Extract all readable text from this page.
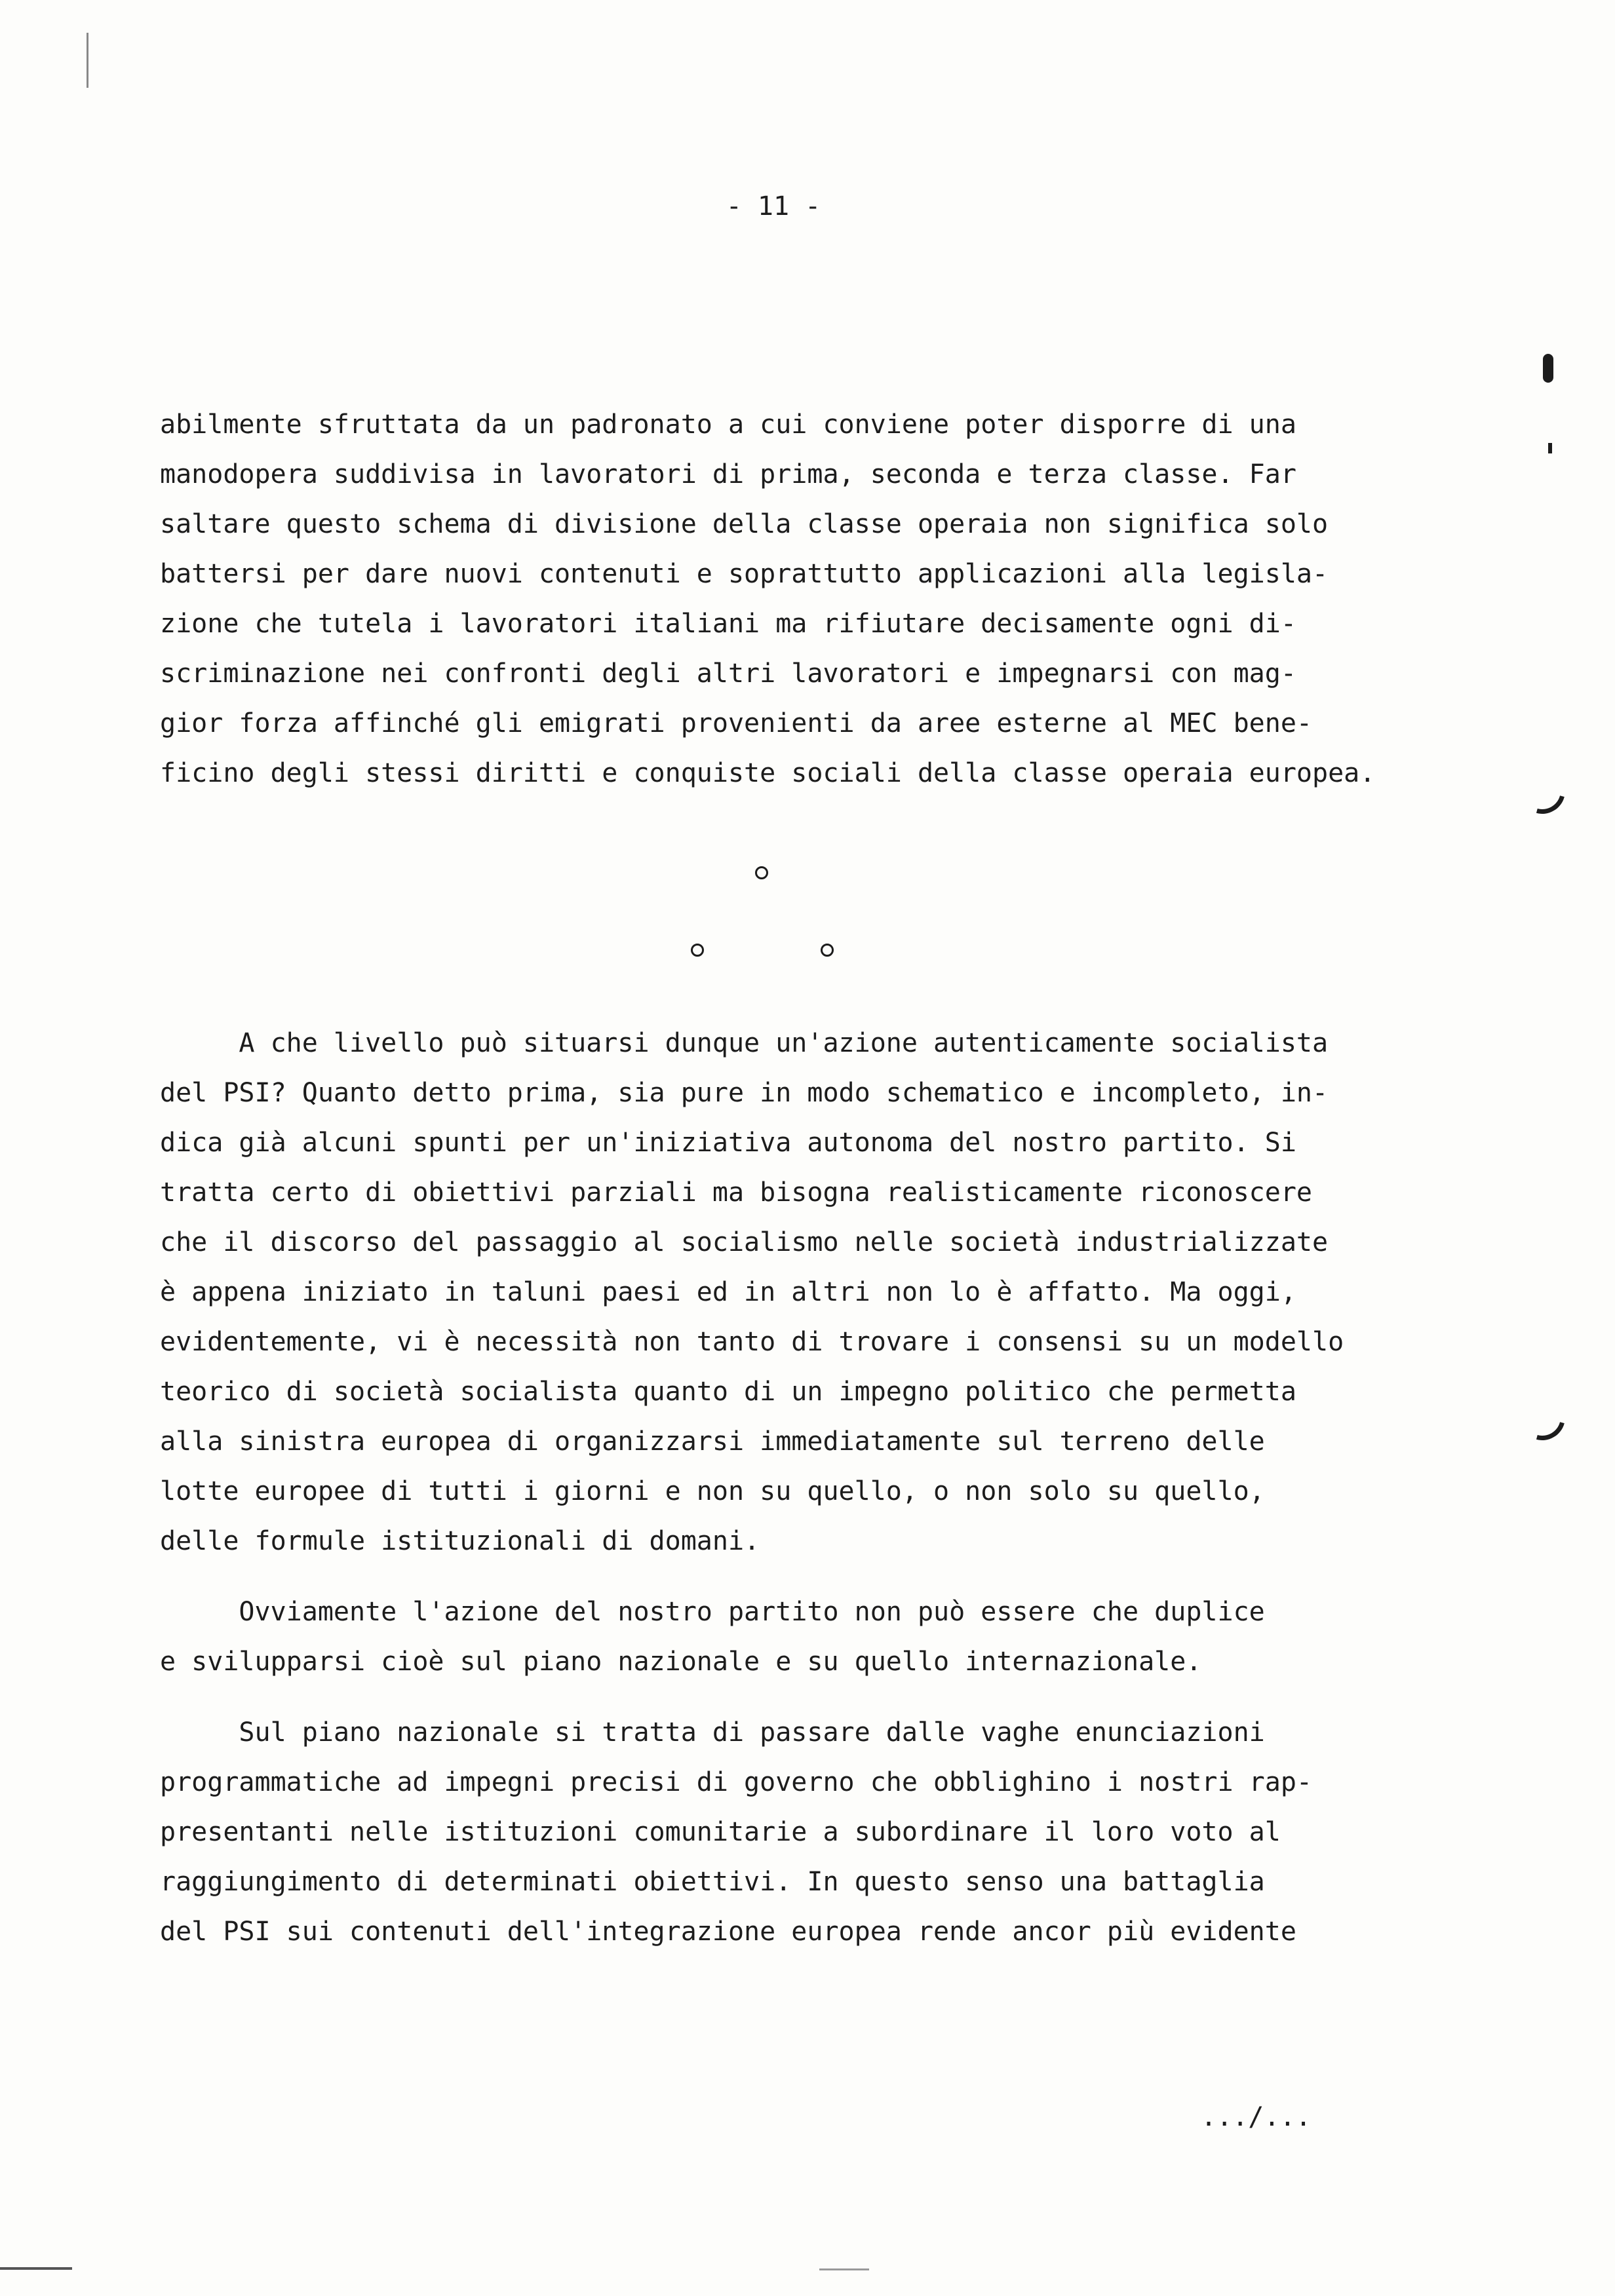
- 11 -
abilmente sfruttata da un padronato a cui conviene poter disporre di una
manodopera suddivisa in lavoratori di prima, seconda e terza classe. Far
saltare questo schema di divisione della classe operaia non significa solo
battersi per dare nuovi contenuti e soprattutto applicazioni alla legisla-
zione che tutela i lavoratori italiani ma rifiutare decisamente ogni di-
scriminazione nei confronti degli altri lavoratori e impegnarsi con mag-
gior forza affinché gli emigrati provenienti da aree esterne al MEC bene-
ficino degli stessi diritti e conquiste sociali della classe operaia europea.
A che livello può situarsi dunque un'azione autenticamente socialista
del PSI? Quanto detto prima, sia pure in modo schematico e incompleto, in-
dica già alcuni spunti per un'iniziativa autonoma del nostro partito. Si
tratta certo di obiettivi parziali ma bisogna realisticamente riconoscere
che il discorso del passaggio al socialismo nelle società industrializzate
è appena iniziato in taluni paesi ed in altri non lo è affatto. Ma oggi,
evidentemente, vi è necessità non tanto di trovare i consensi su un modello
teorico di società socialista quanto di un impegno politico che permetta
alla sinistra europea di organizzarsi immediatamente sul terreno delle
lotte europee di tutti i giorni e non su quello, o non solo su quello,
delle formule istituzionali di domani.
Ovviamente l'azione del nostro partito non può essere che duplice
e svilupparsi cioè sul piano nazionale e su quello internazionale.
Sul piano nazionale si tratta di passare dalle vaghe enunciazioni
programmatiche ad impegni precisi di governo che obblighino i nostri rap-
presentanti nelle istituzioni comunitarie a subordinare il loro voto al
raggiungimento di determinati obiettivi. In questo senso una battaglia
del PSI sui contenuti dell'integrazione europea rende ancor più evidente
.../...
